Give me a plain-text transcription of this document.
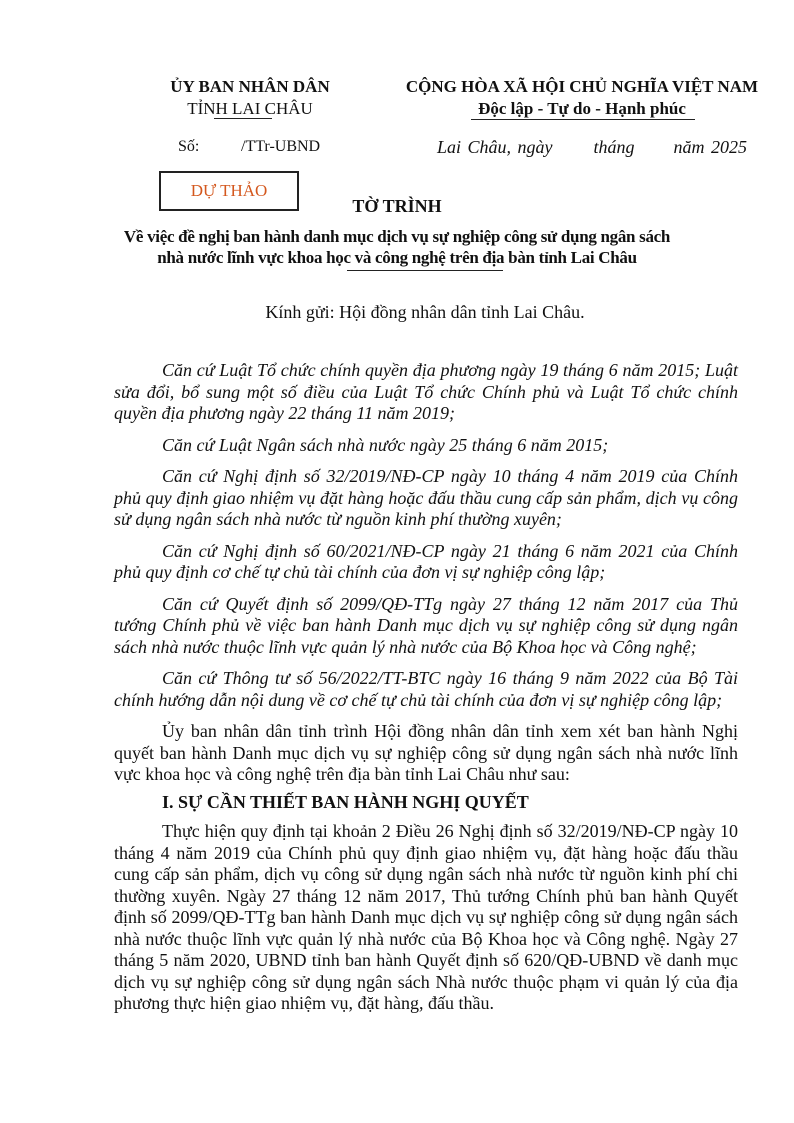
ỦY BAN NHÂN DÂN
TỈNH LAI CHÂU
CỘNG HÒA XÃ HỘI CHỦ NGHĨA VIỆT NAM
Độc lập - Tự do - Hạnh phúc
Số:	/TTr-UBND	Lai Châu, ngày tháng năm 2025
DỰ THẢO
TỜ TRÌNH
Về việc đề nghị ban hành danh mục dịch vụ sự nghiệp công sử dụng ngân sách
nhà nước lĩnh vực khoa học và công nghệ trên địa bàn tỉnh Lai Châu
Kính gửi: Hội đồng nhân dân tỉnh Lai Châu.

Căn cứ Luật Tổ chức chính quyền địa phương ngày 19 tháng 6 năm 2015; Luật sửa đổi, bổ sung một số điều của Luật Tổ chức Chính phủ và Luật Tổ chức chính quyền địa phương ngày 22 tháng 11 năm 2019;

Căn cứ Luật Ngân sách nhà nước ngày 25 tháng 6 năm 2015;

Căn cứ Nghị định số 32/2019/NĐ-CP ngày 10 tháng 4 năm 2019 của Chính phủ quy định giao nhiệm vụ đặt hàng hoặc đấu thầu cung cấp sản phẩm, dịch vụ công sử dụng ngân sách nhà nước từ nguồn kinh phí thường xuyên;

Căn cứ Nghị định số 60/2021/NĐ-CP ngày 21 tháng 6 năm 2021 của Chính phủ quy định cơ chế tự chủ tài chính của đơn vị sự nghiệp công lập;

Căn cứ Quyết định số 2099/QĐ-TTg ngày 27 tháng 12 năm 2017 của Thủ tướng Chính phủ về việc ban hành Danh mục dịch vụ sự nghiệp công sử dụng ngân sách nhà nước thuộc lĩnh vực quản lý nhà nước của Bộ Khoa học và Công nghệ;

Căn cứ Thông tư số 56/2022/TT-BTC ngày 16 tháng 9 năm 2022 của Bộ Tài chính hướng dẫn nội dung về cơ chế tự chủ tài chính của đơn vị sự nghiệp công lập;

Ủy ban nhân dân tỉnh trình Hội đồng nhân dân tỉnh xem xét ban hành Nghị quyết ban hành Danh mục dịch vụ sự nghiệp công sử dụng ngân sách nhà nước lĩnh vực khoa học và công nghệ trên địa bàn tỉnh Lai Châu như sau:

I. SỰ CẦN THIẾT BAN HÀNH NGHỊ QUYẾT

Thực hiện quy định tại khoản 2 Điều 26 Nghị định số 32/2019/NĐ-CP ngày 10 tháng 4 năm 2019 của Chính phủ quy định giao nhiệm vụ, đặt hàng hoặc đấu thầu cung cấp sản phẩm, dịch vụ công sử dụng ngân sách nhà nước từ nguồn kinh phí chi thường xuyên. Ngày 27 tháng 12 năm 2017, Thủ tướng Chính phủ ban hành Quyết định số 2099/QĐ-TTg ban hành Danh mục dịch vụ sự nghiệp công sử dụng ngân sách nhà nước thuộc lĩnh vực quản lý nhà nước của Bộ Khoa học và Công nghệ. Ngày 27 tháng 5 năm 2020, UBND tỉnh ban hành Quyết định số 620/QĐ-UBND về danh mục dịch vụ sự nghiệp công sử dụng ngân sách Nhà nước thuộc phạm vi quản lý của địa phương thực hiện giao nhiệm vụ, đặt hàng, đấu thầu.
